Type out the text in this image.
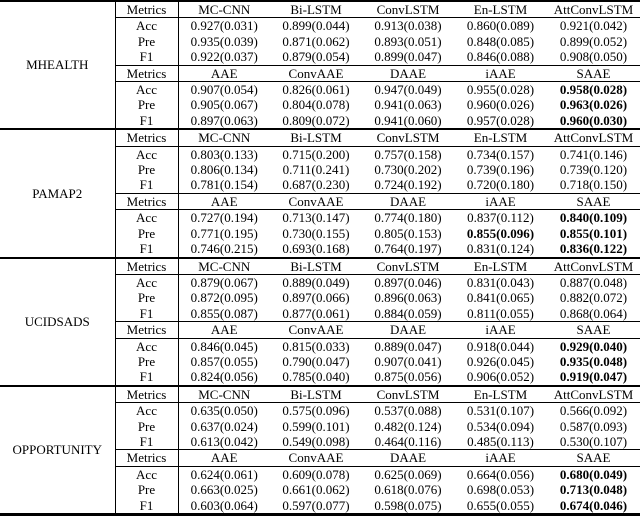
MHEALTH	Metrics	MC-CNN	Bi-LSTM	ConvLSTM	En-LSTM	AttConvLSTM
	Acc	0.927(0.031)	0.899(0.044)	0.913(0.038)	0.860(0.089)	0.921(0.042)
	Pre	0.935(0.039)	0.871(0.062)	0.893(0.051)	0.848(0.085)	0.899(0.052)
	F1	0.922(0.037)	0.879(0.054)	0.899(0.047)	0.846(0.088)	0.908(0.050)
	Metrics	AAE	ConvAAE	DAAE	iAAE	SAAE
	Acc	0.907(0.054)	0.826(0.061)	0.947(0.049)	0.955(0.028)	0.958(0.028)
	Pre	0.905(0.067)	0.804(0.078)	0.941(0.063)	0.960(0.026)	0.963(0.026)
	F1	0.897(0.063)	0.809(0.072)	0.941(0.060)	0.957(0.028)	0.960(0.030)
PAMAP2	Metrics	MC-CNN	Bi-LSTM	ConvLSTM	En-LSTM	AttConvLSTM
	Acc	0.803(0.133)	0.715(0.200)	0.757(0.158)	0.734(0.157)	0.741(0.146)
	Pre	0.806(0.134)	0.711(0.241)	0.730(0.202)	0.739(0.196)	0.739(0.120)
	F1	0.781(0.154)	0.687(0.230)	0.724(0.192)	0.720(0.180)	0.718(0.150)
	Metrics	AAE	ConvAAE	DAAE	iAAE	SAAE
	Acc	0.727(0.194)	0.713(0.147)	0.774(0.180)	0.837(0.112)	0.840(0.109)
	Pre	0.771(0.195)	0.730(0.155)	0.805(0.153)	0.855(0.096)	0.855(0.101)
	F1	0.746(0.215)	0.693(0.168)	0.764(0.197)	0.831(0.124)	0.836(0.122)
UCIDSADS	Metrics	MC-CNN	Bi-LSTM	ConvLSTM	En-LSTM	AttConvLSTM
	Acc	0.879(0.067)	0.889(0.049)	0.897(0.046)	0.831(0.043)	0.887(0.048)
	Pre	0.872(0.095)	0.897(0.066)	0.896(0.063)	0.841(0.065)	0.882(0.072)
	F1	0.855(0.087)	0.877(0.061)	0.884(0.059)	0.811(0.055)	0.868(0.064)
	Metrics	AAE	ConvAAE	DAAE	iAAE	SAAE
	Acc	0.846(0.045)	0.815(0.033)	0.889(0.047)	0.918(0.044)	0.929(0.040)
	Pre	0.857(0.055)	0.790(0.047)	0.907(0.041)	0.926(0.045)	0.935(0.048)
	F1	0.824(0.056)	0.785(0.040)	0.875(0.056)	0.906(0.052)	0.919(0.047)
OPPORTUNITY	Metrics	MC-CNN	Bi-LSTM	ConvLSTM	En-LSTM	AttConvLSTM
	Acc	0.635(0.050)	0.575(0.096)	0.537(0.088)	0.531(0.107)	0.566(0.092)
	Pre	0.637(0.024)	0.599(0.101)	0.482(0.124)	0.534(0.094)	0.587(0.093)
	F1	0.613(0.042)	0.549(0.098)	0.464(0.116)	0.485(0.113)	0.530(0.107)
	Metrics	AAE	ConvAAE	DAAE	iAAE	SAAE
	Acc	0.624(0.061)	0.609(0.078)	0.625(0.069)	0.664(0.056)	0.680(0.049)
	Pre	0.663(0.025)	0.661(0.062)	0.618(0.076)	0.698(0.053)	0.713(0.048)
	F1	0.603(0.064)	0.597(0.077)	0.598(0.075)	0.655(0.055)	0.674(0.046)
